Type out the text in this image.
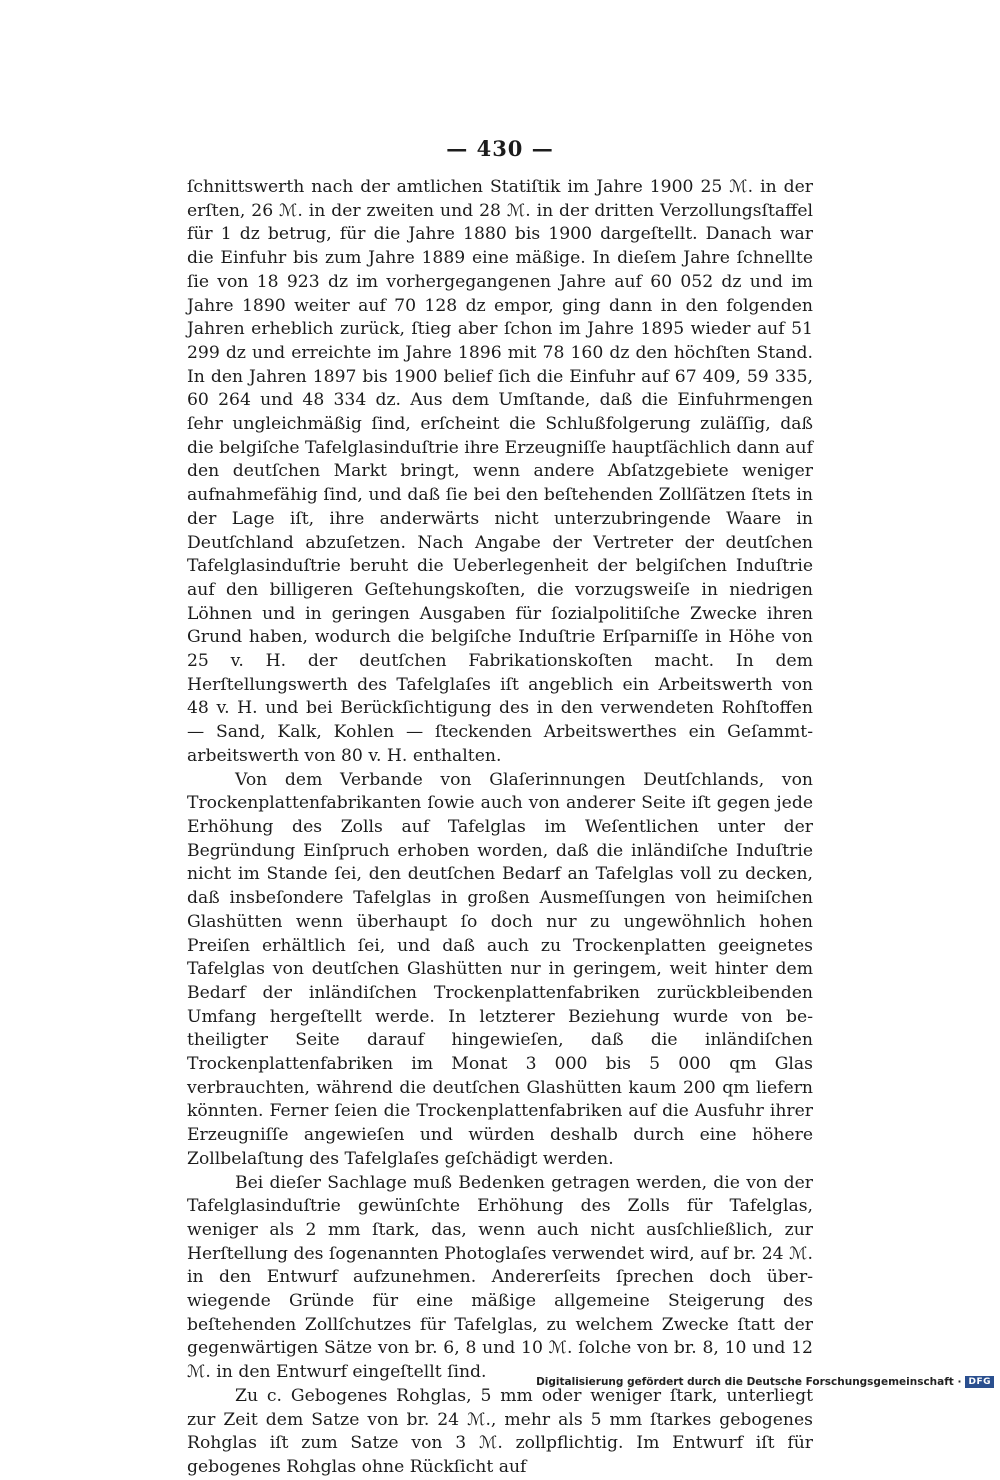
— 430 —

ſchnittswerth nach der amtlichen Statiſtik im Jahre 1900 25 ℳ. in der erſten, 26 ℳ. in der zweiten und 28 ℳ. in der dritten Verzollungsſtaffel für 1 dz betrug, für die Jahre 1880 bis 1900 dargeſtellt. Danach war die Einfuhr bis zum Jahre 1889 eine mäßige. In dieſem Jahre ſchnellte ſie von 18 923 dz im vorhergegangenen Jahre auf 60 052 dz und im Jahre 1890 weiter auf 70 128 dz empor, ging dann in den folgenden Jahren erheblich zurück, ſtieg aber ſchon im Jahre 1895 wieder auf 51 299 dz und erreichte im Jahre 1896 mit 78 160 dz den höchſten Stand. In den Jahren 1897 bis 1900 belief ſich die Einfuhr auf 67 409, 59 335, 60 264 und 48 334 dz. Aus dem Umſtande, daß die Einfuhrmengen ſehr ungleichmäßig ſind, erſcheint die Schlußfolgerung zuläſſig, daß die belgiſche Tafelglasinduſtrie ihre Erzeugniſſe hauptſächlich dann auf den deutſchen Markt bringt, wenn andere Abſatzgebiete weniger aufnahmefähig ſind, und daß ſie bei den beſtehenden Zollſätzen ſtets in der Lage iſt, ihre anderwärts nicht unterzubringende Waare in Deutſchland abzuſetzen. Nach Angabe der Vertreter der deutſchen Tafelglasinduſtrie beruht die Ueberlegenheit der belgiſchen Induſtrie auf den billigeren Geſtehungskoſten, die vorzugsweiſe in niedrigen Löhnen und in geringen Ausgaben für ſozialpolitiſche Zwecke ihren Grund haben, wodurch die belgiſche Induſtrie Erſparniſſe in Höhe von 25 v. H. der deutſchen Fabrikationskoſten macht. In dem Herſtellungswerth des Tafelglaſes iſt angeblich ein Arbeitswerth von 48 v. H. und bei Berückſichtigung des in den verwendeten Rohſtoffen — Sand, Kalk, Kohlen — ſteckenden Arbeitswerthes ein Geſammtarbeitswerth von 80 v. H. enthalten.

Von dem Verbande von Glaſerinnungen Deutſchlands, von Trockenplattenfabrikanten ſowie auch von anderer Seite iſt gegen jede Erhöhung des Zolls auf Tafelglas im Weſentlichen unter der Begründung Einſpruch erhoben worden, daß die inländiſche Induſtrie nicht im Stande ſei, den deutſchen Bedarf an Tafelglas voll zu decken, daß insbeſondere Tafelglas in großen Ausmeſſungen von heimiſchen Glashütten wenn überhaupt ſo doch nur zu ungewöhnlich hohen Preiſen erhältlich ſei, und daß auch zu Trockenplatten geeignetes Tafelglas von deutſchen Glashütten nur in geringem, weit hinter dem Bedarf der inländiſchen Trockenplattenfabriken zurückbleibenden Umfang hergeſtellt werde. In letzterer Beziehung wurde von betheiligter Seite darauf hingewieſen, daß die inländiſchen Trockenplattenfabriken im Monat 3 000 bis 5 000 qm Glas verbrauchten, während die deutſchen Glashütten kaum 200 qm liefern könnten. Ferner ſeien die Trockenplattenfabriken auf die Ausfuhr ihrer Erzeugniſſe angewieſen und würden deshalb durch eine höhere Zollbelaſtung des Tafelglaſes geſchädigt werden.

Bei dieſer Sachlage muß Bedenken getragen werden, die von der Tafelglasinduſtrie gewünſchte Erhöhung des Zolls für Tafelglas, weniger als 2 mm ſtark, das, wenn auch nicht ausſchließlich, zur Herſtellung des ſogenannten Photoglaſes verwendet wird, auf br. 24 ℳ. in den Entwurf aufzunehmen. Andererſeits ſprechen doch überwiegende Gründe für eine mäßige allgemeine Steigerung des beſtehenden Zollſchutzes für Tafelglas, zu welchem Zwecke ſtatt der gegenwärtigen Sätze von br. 6, 8 und 10 ℳ. ſolche von br. 8, 10 und 12 ℳ. in den Entwurf eingeſtellt ſind.

Zu c. Gebogenes Rohglas, 5 mm oder weniger ſtark, unterliegt zur Zeit dem Satze von br. 24 ℳ., mehr als 5 mm ſtarkes gebogenes Rohglas iſt zum Satze von 3 ℳ. zollpflichtig. Im Entwurf iſt für gebogenes Rohglas ohne Rückſicht auf

Digitalisierung gefördert durch die Deutsche Forschungsgemeinschaft · DFG
